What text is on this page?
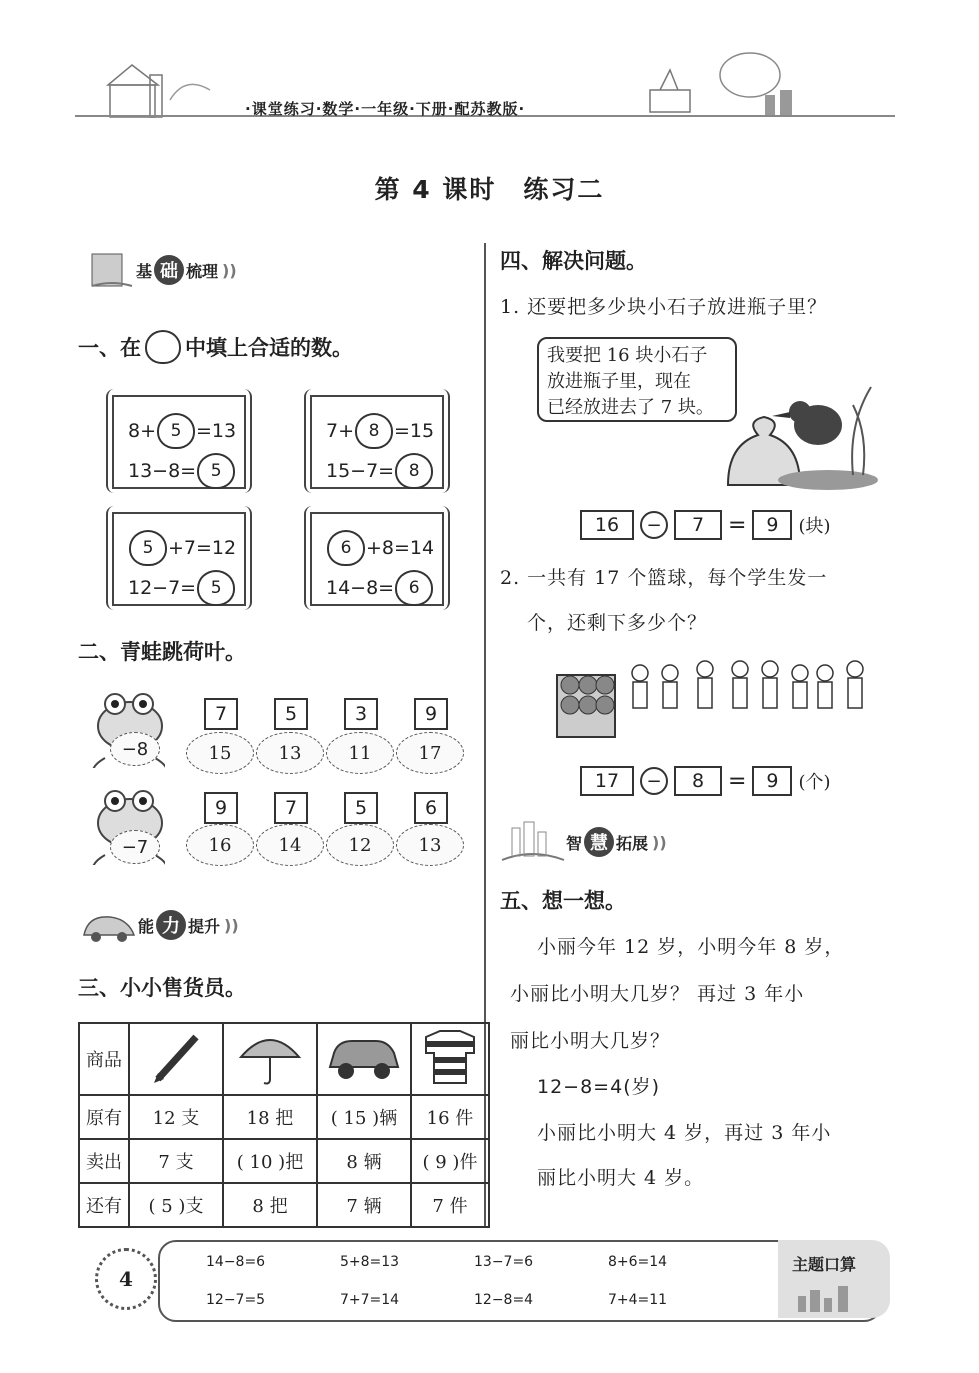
·课堂练习·数学·一年级·下册·配苏教版·
第 4 课时　练习二
基 础 梳理 ))
一、在 中填上合适的数。
8+ 5 =13
13−8= 5
7+ 8 =15
15−7= 8
5 +7=12
12−7= 5
6 +8=14
14−8= 6
二、青蛙跳荷叶。
−8
7	5	3	9
15	13	11	17
−7
9	7	5	6
16	14	12	13
能 力 提升 ))
三、小小售货员。
商品				
原有	12 支	18 把	( 15 )辆	16 件
卖出	7 支	( 10 )把	8 辆	( 9 )件
还有	( 5 )支	8 把	7 辆	7 件
四、解决问题。
1. 还要把多少块小石子放进瓶子里？
我要把 16 块小石子
放进瓶子里，现在
已经放进去了 7 块。
16	−	7	=	9	(块)
2. 一共有 17 个篮球，每个学生发一
个，还剩下多少个？
17	−	8	=	9	(个)
智 慧 拓展 ))
五、想一想。
小丽今年 12 岁，小明今年 8 岁，
小丽比小明大几岁？ 再过 3 年小
丽比小明大几岁？
12−8=4(岁)
小丽比小明大 4 岁，再过 3 年小
丽比小明大 4 岁。
14−8=6	5+8=13	13−7=6	8+6=14
12−7=5	7+7=14	12−8=4	7+4=11
主题口算
4
